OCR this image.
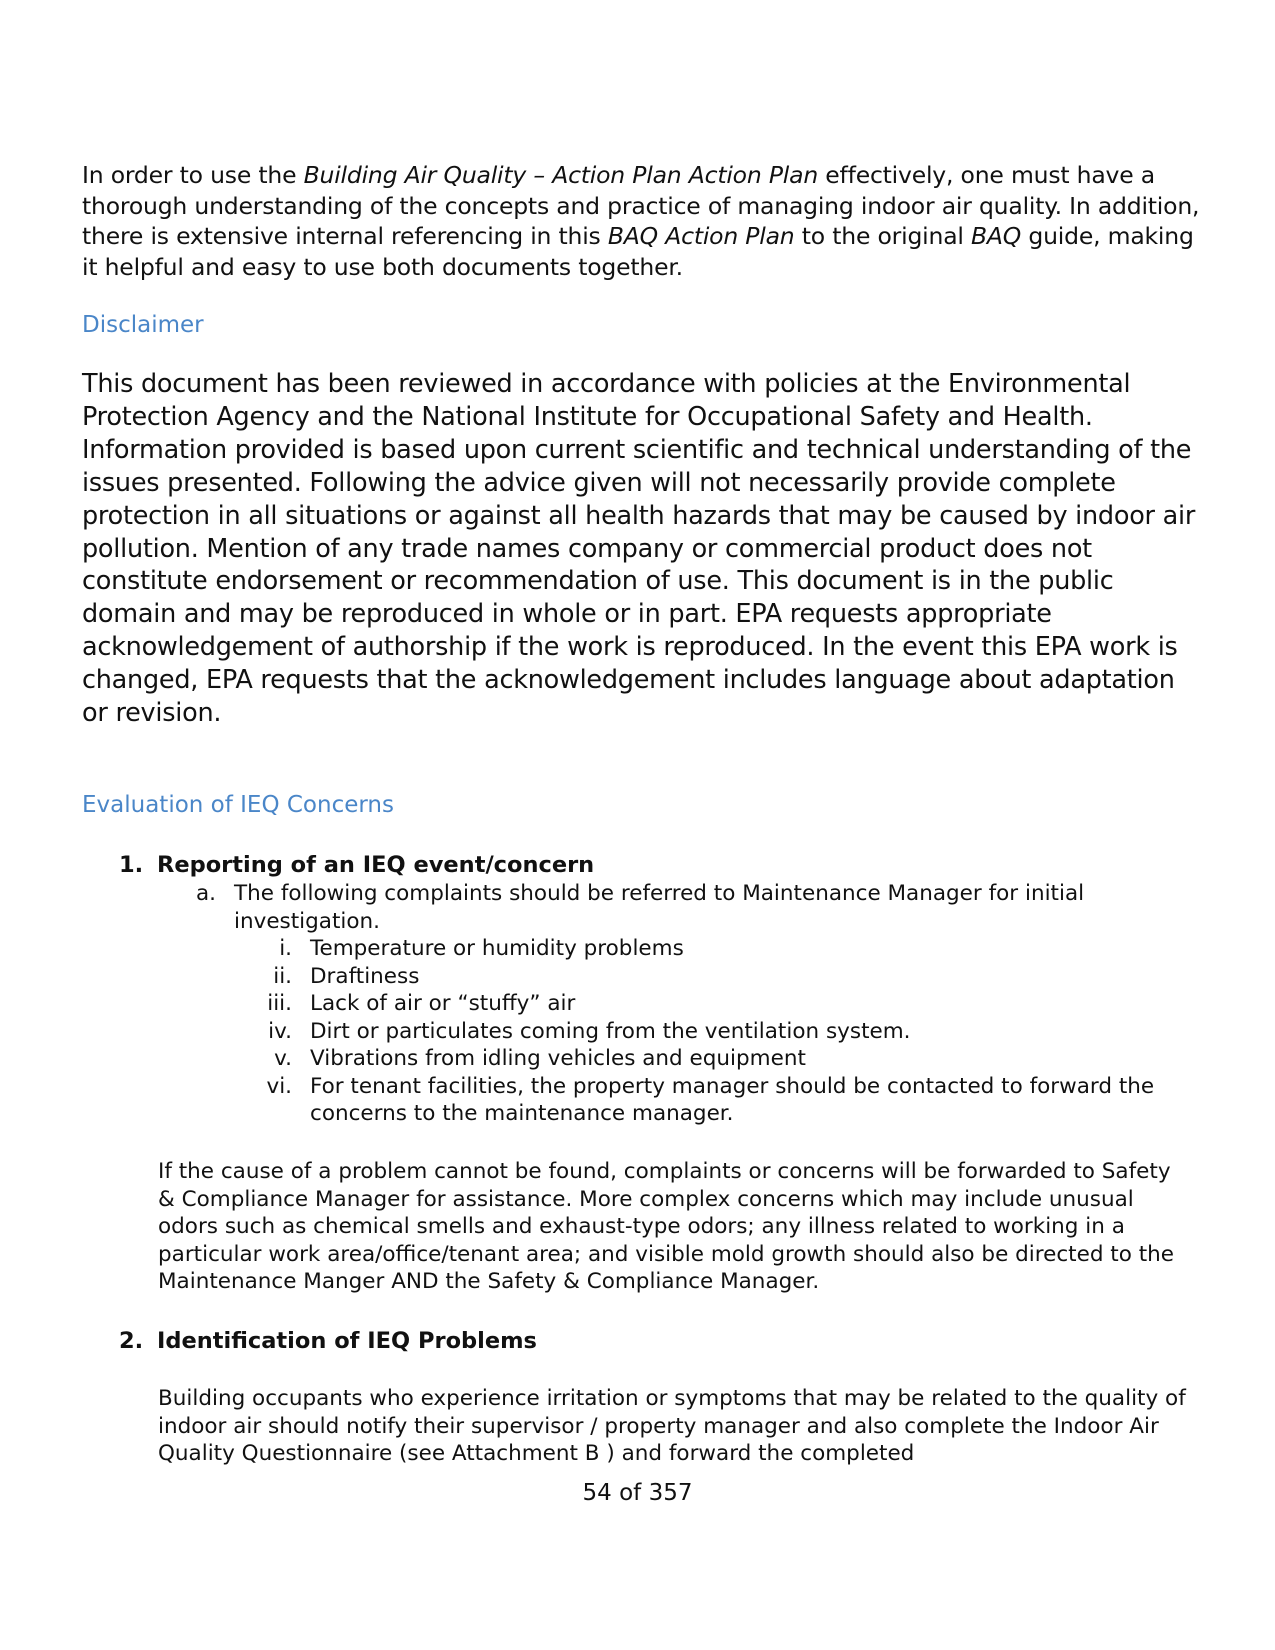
In order to use the Building Air Quality – Action Plan Action Plan effectively, one must have a thorough understanding of the concepts and practice of managing indoor air quality. In addition, there is extensive internal referencing in this BAQ Action Plan to the original BAQ guide, making it helpful and easy to use both documents together.

Disclaimer

This document has been reviewed in accordance with policies at the Environmental Protection Agency and the National Institute for Occupational Safety and Health. Information provided is based upon current scientific and technical understanding of the issues presented. Following the advice given will not necessarily provide complete protection in all situations or against all health hazards that may be caused by indoor air pollution. Mention of any trade names company or commercial product does not constitute endorsement or recommendation of use. This document is in the public domain and may be reproduced in whole or in part. EPA requests appropriate acknowledgement of authorship if the work is reproduced. In the event this EPA work is changed, EPA requests that the acknowledgement includes language about adaptation or revision.

Evaluation of IEQ Concerns
1. Reporting of an IEQ event/concern
a. The following complaints should be referred to Maintenance Manager for initial investigation.
i. Temperature or humidity problems
ii. Draftiness
iii. Lack of air or “stuffy” air
iv. Dirt or particulates coming from the ventilation system.
v. Vibrations from idling vehicles and equipment
vi. For tenant facilities, the property manager should be contacted to forward the concerns to the maintenance manager.

If the cause of a problem cannot be found, complaints or concerns will be forwarded to Safety & Compliance Manager for assistance. More complex concerns which may include unusual odors such as chemical smells and exhaust-type odors; any illness related to working in a particular work area/office/tenant area; and visible mold growth should also be directed to the Maintenance Manger AND the Safety & Compliance Manager.

2. Identification of IEQ Problems

Building occupants who experience irritation or symptoms that may be related to the quality of indoor air should notify their supervisor / property manager and also complete the Indoor Air Quality Questionnaire (see Attachment B ) and forward the completed

54 of 357
